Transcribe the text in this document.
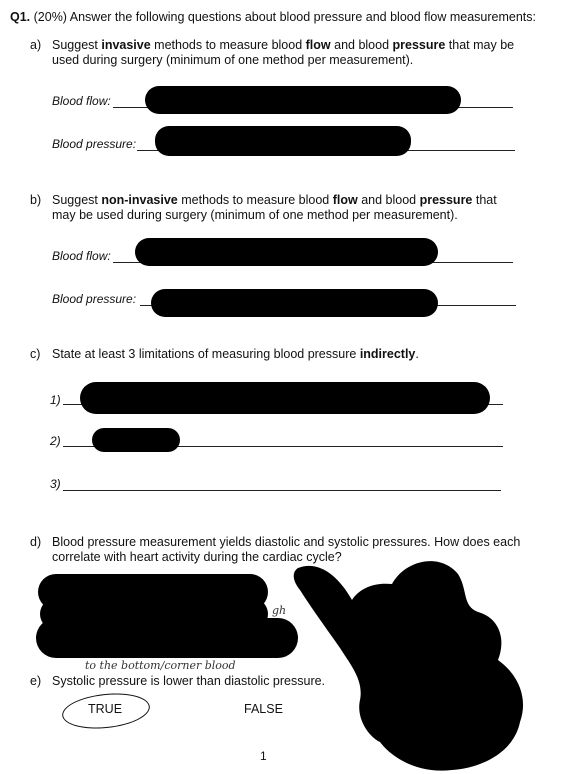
Q1. (20%) Answer the following questions about blood pressure and blood flow measurements:
a) Suggest invasive methods to measure blood flow and blood pressure that may be used during surgery (minimum of one method per measurement).
Blood flow:
Blood pressure:
b) Suggest non-invasive methods to measure blood flow and blood pressure that may be used during surgery (minimum of one method per measurement).
Blood flow:
Blood pressure:
c) State at least 3 limitations of measuring blood pressure indirectly.
1)
2)
3)
d) Blood pressure measurement yields diastolic and systolic pressures. How does each correlate with heart activity during the cardiac cycle?
gh
to the bottom/corner blood
e) Systolic pressure is lower than diastolic pressure.
TRUE	FALSE
1
